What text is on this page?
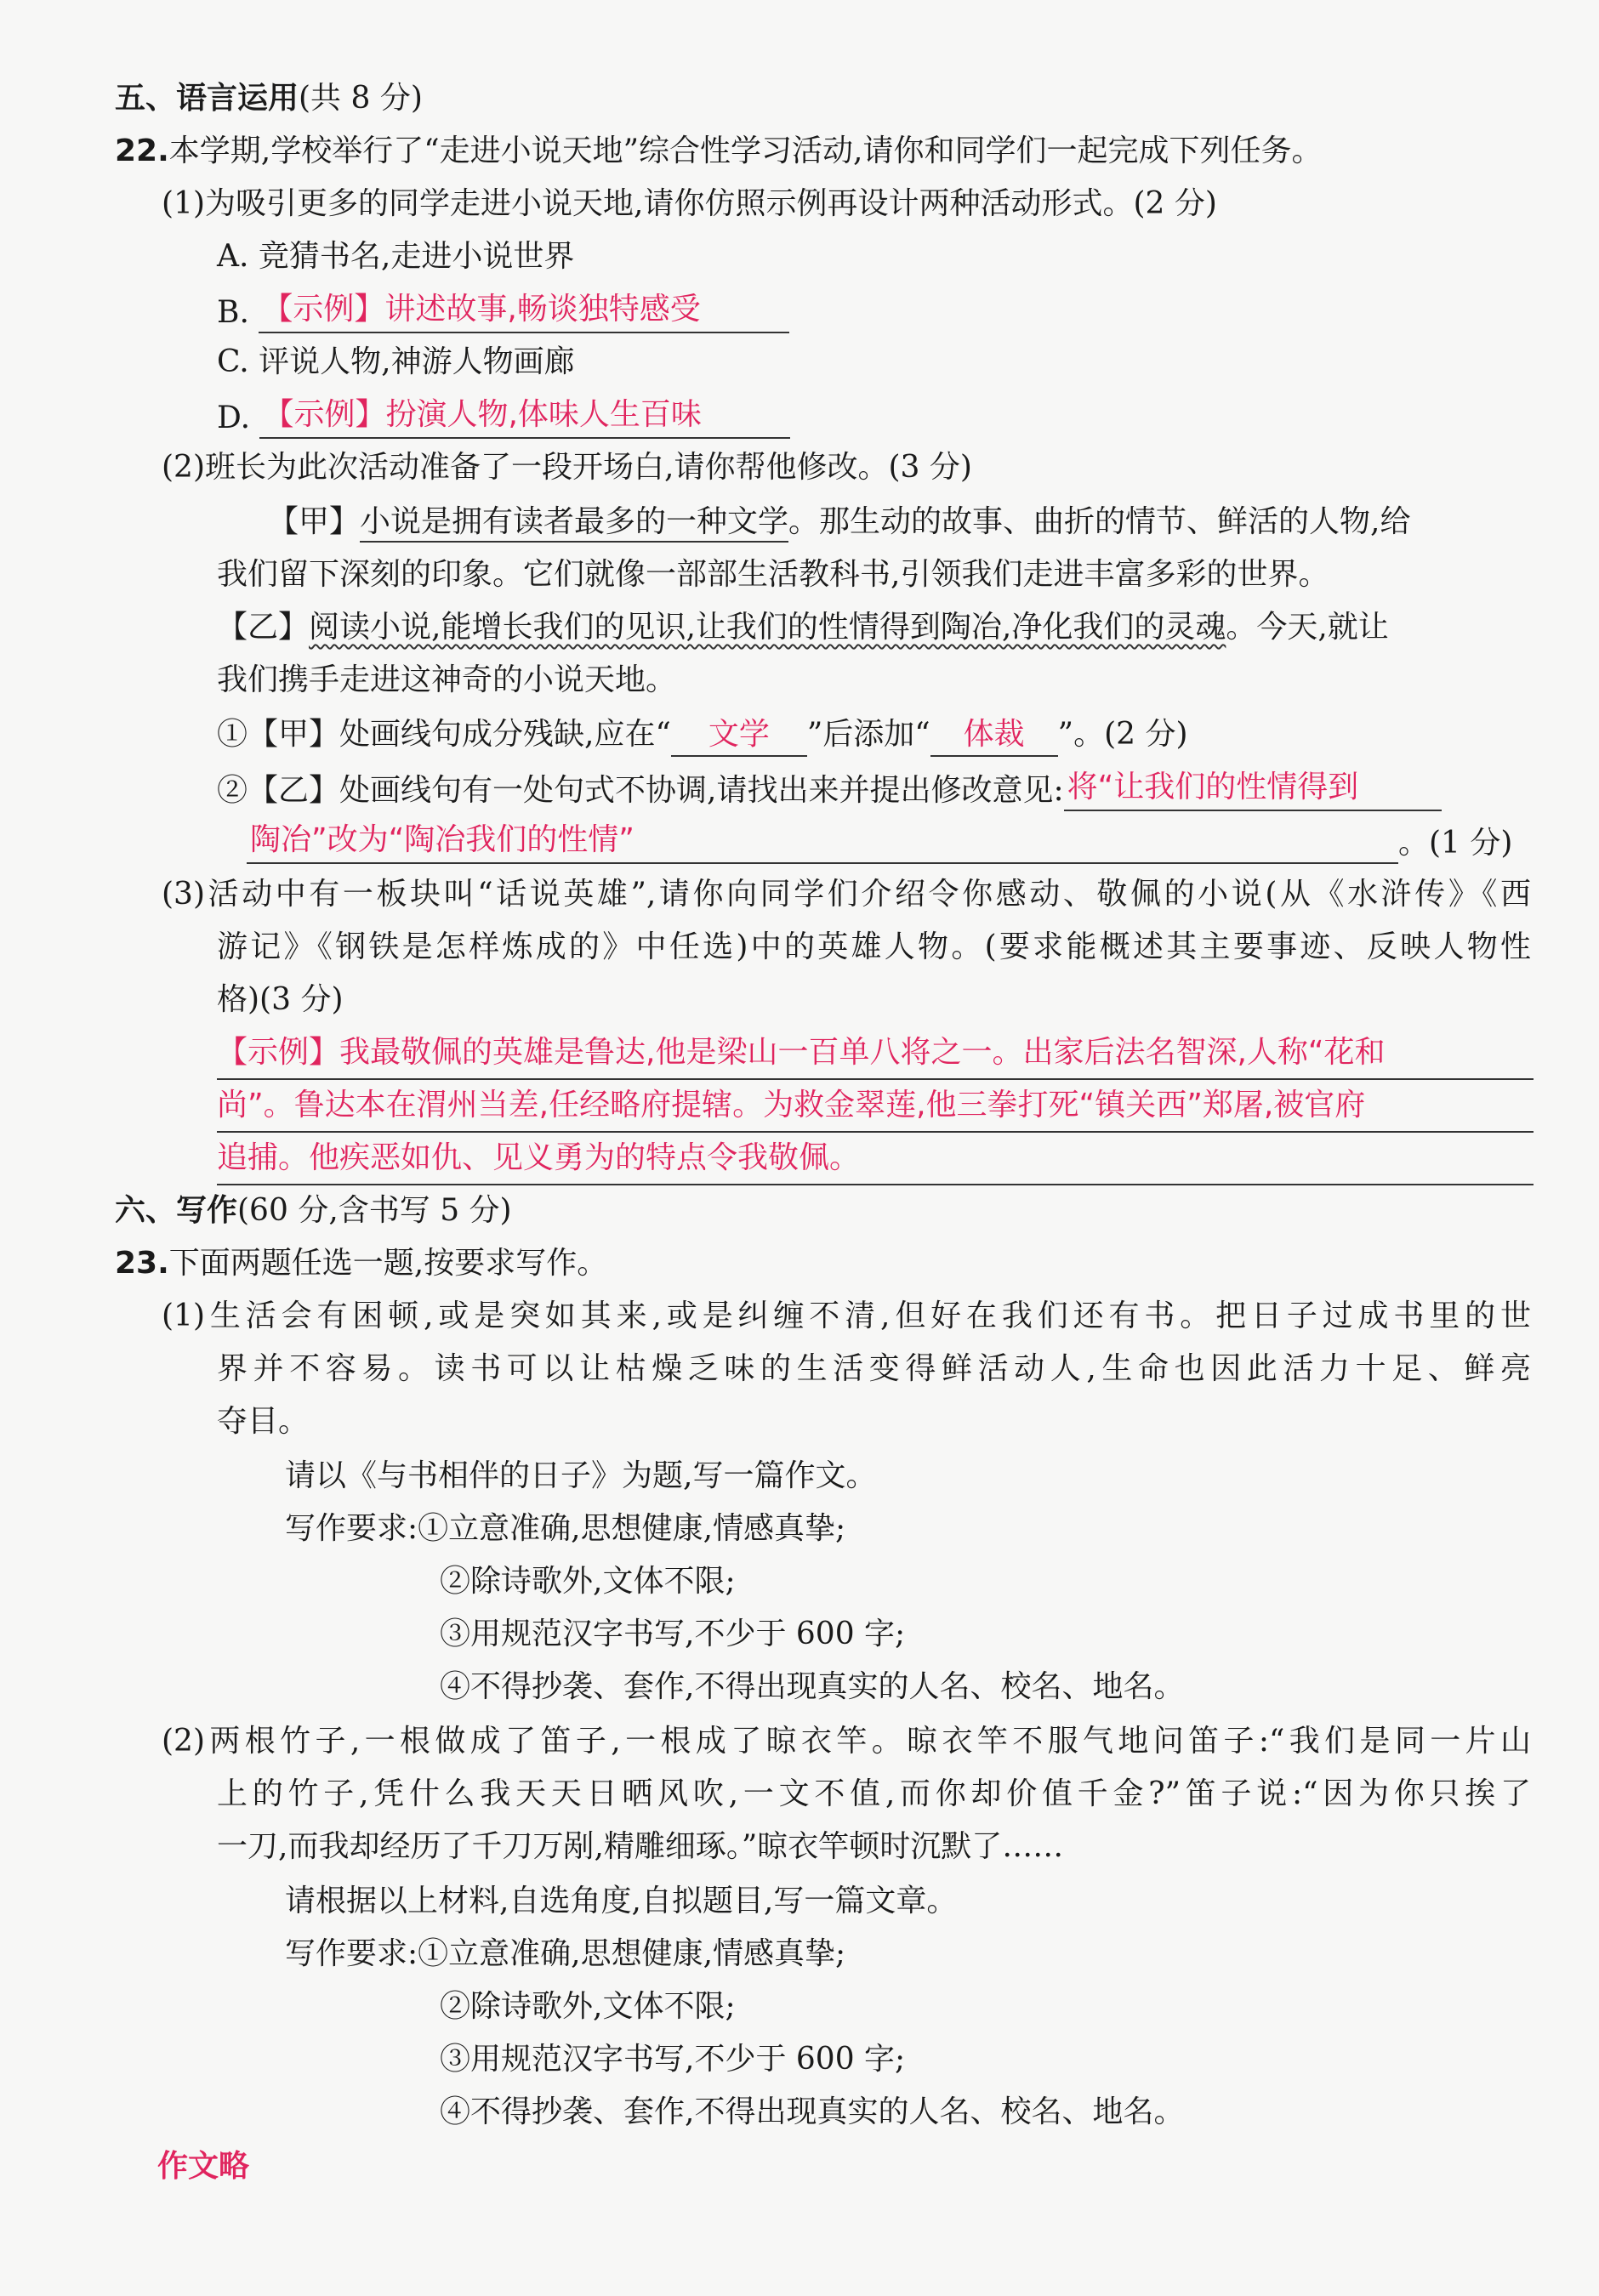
五、语言运用(共 8 分)
22.本学期,学校举行了“走进小说天地”综合性学习活动,请你和同学们一起完成下列任务。
(1)为吸引更多的同学走进小说天地,请你仿照示例再设计两种活动形式。(2 分)
A. 竞猜书名,走进小说世界
B. 【示例】讲述故事,畅谈独特感受
C. 评说人物,神游人物画廊
D. 【示例】扮演人物,体味人生百味
(2)班长为此次活动准备了一段开场白,请你帮他修改。(3 分)
【甲】小说是拥有读者最多的一种文学。那生动的故事、曲折的情节、鲜活的人物,给
我们留下深刻的印象。它们就像一部部生活教科书,引领我们走进丰富多彩的世界。
【乙】阅读小说,能增长我们的见识,让我们的性情得到陶冶,净化我们的灵魂。今天,就让
我们携手走进这神奇的小说天地。
①【甲】处画线句成分残缺,应在“ 文学 ”后添加“ 体裁 ”。(2 分)
②【乙】处画线句有一处句式不协调,请找出来并提出修改意见: 将“让我们的性情得到
陶冶”改为“陶冶我们的性情”	。(1 分)
(3)活动中有一板块叫“话说英雄”,请你向同学们介绍令你感动、敬佩的小说(从《水浒传》《西
游记》《钢铁是怎样炼成的》中任选)中的英雄人物。(要求能概述其主要事迹、反映人物性
格)(3 分)
【示例】我最敬佩的英雄是鲁达,他是梁山一百单八将之一。出家后法名智深,人称“花和
尚”。鲁达本在渭州当差,任经略府提辖。为救金翠莲,他三拳打死“镇关西”郑屠,被官府
追捕。他疾恶如仇、见义勇为的特点令我敬佩。
六、写作(60 分,含书写 5 分)
23.下面两题任选一题,按要求写作。
(1)生活会有困顿,或是突如其来,或是纠缠不清,但好在我们还有书。把日子过成书里的世
界并不容易。读书可以让枯燥乏味的生活变得鲜活动人,生命也因此活力十足、鲜亮
夺目。
请以《与书相伴的日子》为题,写一篇作文。
写作要求:①立意准确,思想健康,情感真挚;
②除诗歌外,文体不限;
③用规范汉字书写,不少于 600 字;
④不得抄袭、套作,不得出现真实的人名、校名、地名。
(2)两根竹子,一根做成了笛子,一根成了晾衣竿。晾衣竿不服气地问笛子:“我们是同一片山
上的竹子,凭什么我天天日晒风吹,一文不值,而你却价值千金?”笛子说:“因为你只挨了
一刀,而我却经历了千刀万剐,精雕细琢。”晾衣竿顿时沉默了……
请根据以上材料,自选角度,自拟题目,写一篇文章。
写作要求:①立意准确,思想健康,情感真挚;
②除诗歌外,文体不限;
③用规范汉字书写,不少于 600 字;
④不得抄袭、套作,不得出现真实的人名、校名、地名。
作文略
